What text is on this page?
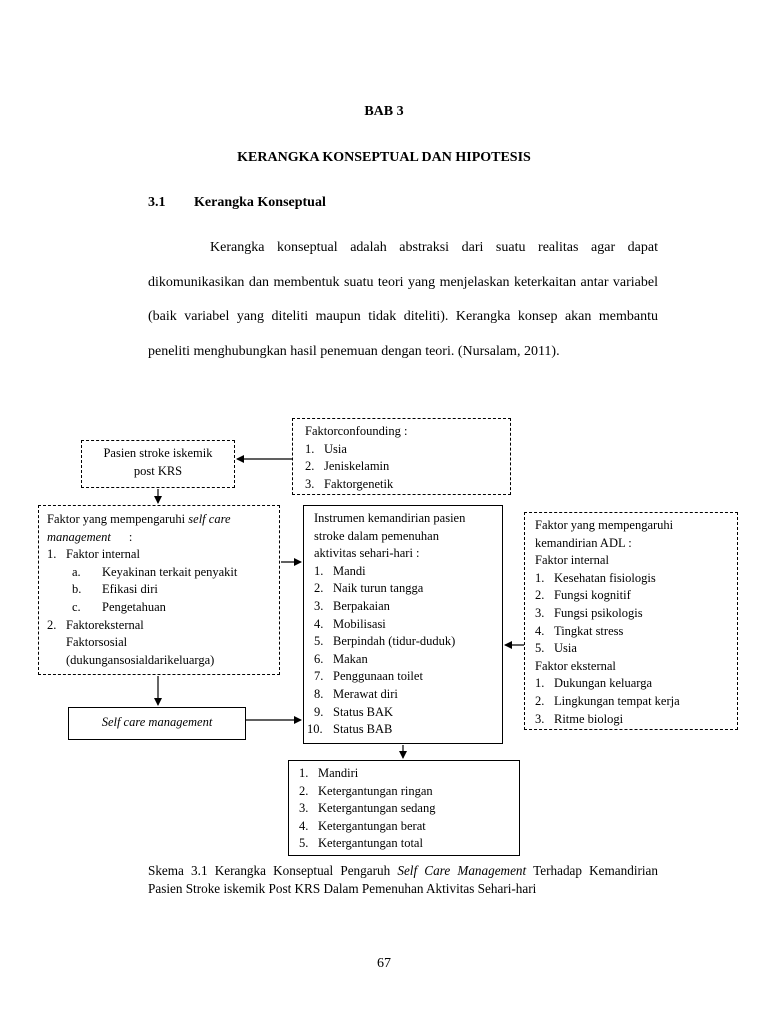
BAB 3
KERANGKA KONSEPTUAL DAN HIPOTESIS
3.1 Kerangka Konseptual
Kerangka konseptual adalah abstraksi dari suatu realitas agar dapat dikomunikasikan dan membentuk suatu teori yang menjelaskan keterkaitan antar variabel (baik variabel yang diteliti maupun tidak diteliti). Kerangka konsep akan membantu peneliti menghubungkan hasil penemuan dengan teori. (Nursalam, 2011).
Pasien stroke iskemik
post KRS
Faktorconfounding :
1. Usia
2. Jeniskelamin
3. Faktorgenetik
Faktor yang mempengaruhi self care
management :
1. Faktor internal
a. Keyakinan terkait penyakit
b. Efikasi diri
c. Pengetahuan
2. Faktoreksternal
Faktorsosial
(dukungansosialdarikeluarga)
Self care management
Instrumen kemandirian pasien
stroke dalam pemenuhan
aktivitas sehari-hari :
1. Mandi
2. Naik turun tangga
3. Berpakaian
4. Mobilisasi
5. Berpindah (tidur-duduk)
6. Makan
7. Penggunaan toilet
8. Merawat diri
9. Status BAK
10. Status BAB
Faktor yang mempengaruhi
kemandirian ADL :
Faktor internal
1. Kesehatan fisiologis
2. Fungsi kognitif
3. Fungsi psikologis
4. Tingkat stress
5. Usia
Faktor eksternal
1. Dukungan keluarga
2. Lingkungan tempat kerja
3. Ritme biologi
1. Mandiri
2. Ketergantungan ringan
3. Ketergantungan sedang
4. Ketergantungan berat
5. Ketergantungan total
Skema 3.1 Kerangka Konseptual Pengaruh Self Care Management Terhadap Kemandirian Pasien Stroke iskemik Post KRS Dalam Pemenuhan Aktivitas Sehari-hari
67
